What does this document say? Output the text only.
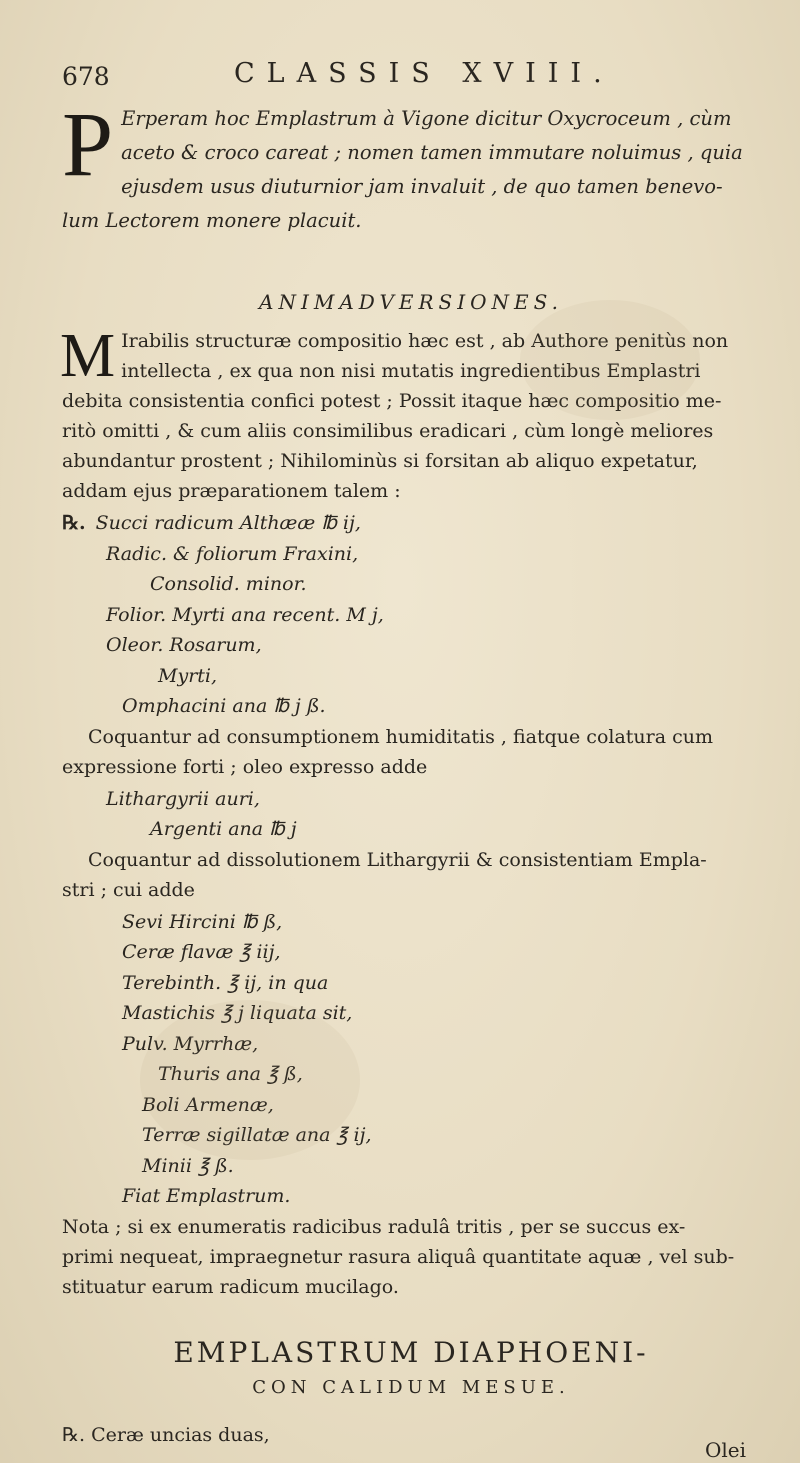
678	CLASSIS XVIII.
P Erperam hoc Emplastrum à Vigone dicitur Oxycroceum , cùm

aceto & croco careat ; nomen tamen immutare noluimus , quia

ejusdem usus diuturnior jam invaluit , de quo tamen benevo-

lum Lectorem monere placuit.

ANIMADVERSIONES.
M Irabilis structuræ compositio hæc est , ab Authore penitùs non

intellecta , ex qua non nisi mutatis ingredientibus Emplastri

debita consistentia confici potest ; Possit itaque hæc compositio me-

ritò omitti , & cum aliis consimilibus eradicari , cùm longè meliores

abundantur prostent ; Nihilominùs si forsitan ab aliquo expetatur,

addam ejus præparationem talem :

℞. Succi radicum Althææ ℔ ij,
Radic. & foliorum Fraxini,
Consolid. minor.
Folior. Myrti ana recent. M j,
Oleor. Rosarum,
Myrti,
Omphacini ana ℔ j ß.

Coquantur ad consumptionem humiditatis , fiatque colatura cum

expressione forti ; oleo expresso adde

Lithargyrii auri,
Argenti ana ℔ j

Coquantur ad dissolutionem Lithargyrii & consistentiam Empla-

stri ; cui adde

Sevi Hircini ℔ ß,
Ceræ flavæ ℥ iij,
Terebinth. ℥ ij, in qua
Mastichis ℥ j liquata sit,
Pulv. Myrrhæ,
Thuris ana ℥ ß,
Boli Armenæ,
Terræ sigillatæ ana ℥ ij,
Minii ℥ ß.
Fiat Emplastrum.

Nota ; si ex enumeratis radicibus radulâ tritis , per se succus ex-

primi nequeat, impraegnetur rasura aliquâ quantitate aquæ , vel sub-

stituatur earum radicum mucilago.

EMPLASTRUM DIAPHOENI-
CON CALIDUM MESUE.
℞. Ceræ uncias duas,
Olei
